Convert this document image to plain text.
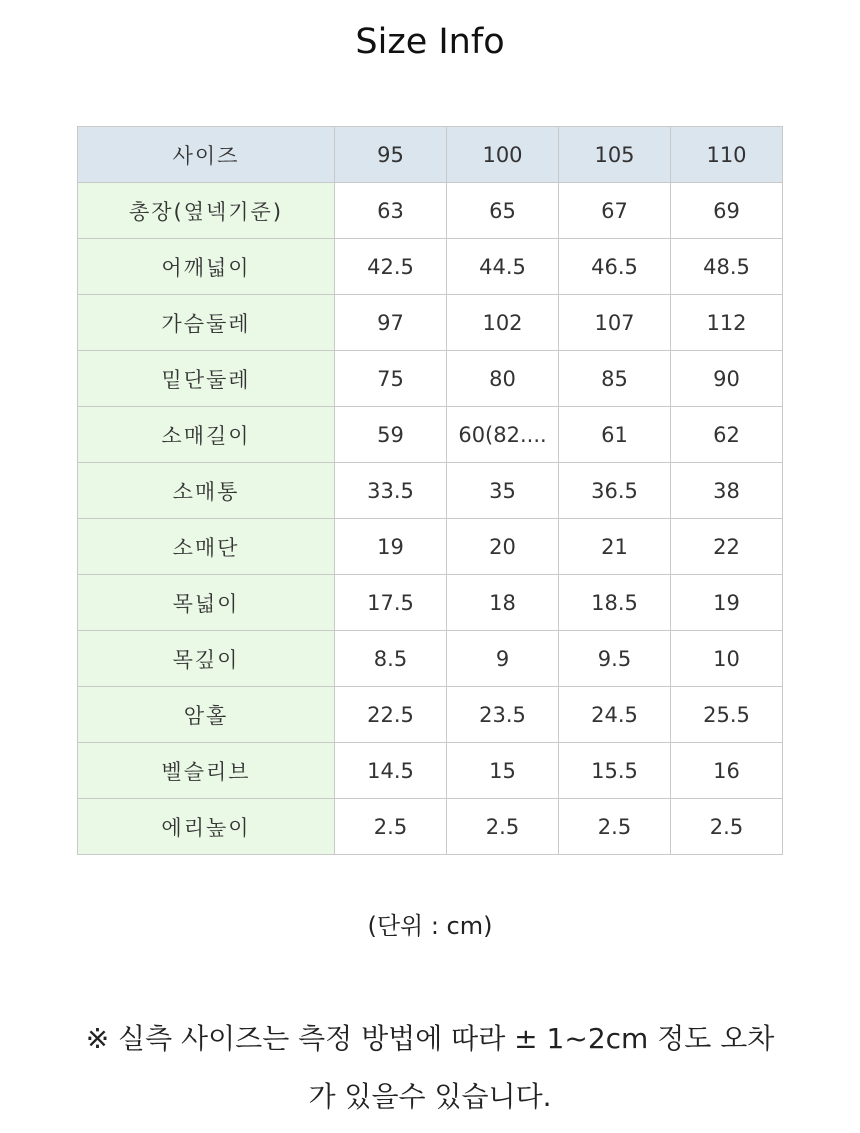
Size Info
사이즈	95	100	105	110
총장(옆넥기준)	63	65	67	69
어깨넓이	42.5	44.5	46.5	48.5
가슴둘레	97	102	107	112
밑단둘레	75	80	85	90
소매길이	59	60(82....	61	62
소매통	33.5	35	36.5	38
소매단	19	20	21	22
목넓이	17.5	18	18.5	19
목깊이	8.5	9	9.5	10
암홀	22.5	23.5	24.5	25.5
벨슬리브	14.5	15	15.5	16
에리높이	2.5	2.5	2.5	2.5
(단위 : cm)
※ 실측 사이즈는 측정 방법에 따라 ± 1~2cm 정도 오차
가 있을수 있습니다.
